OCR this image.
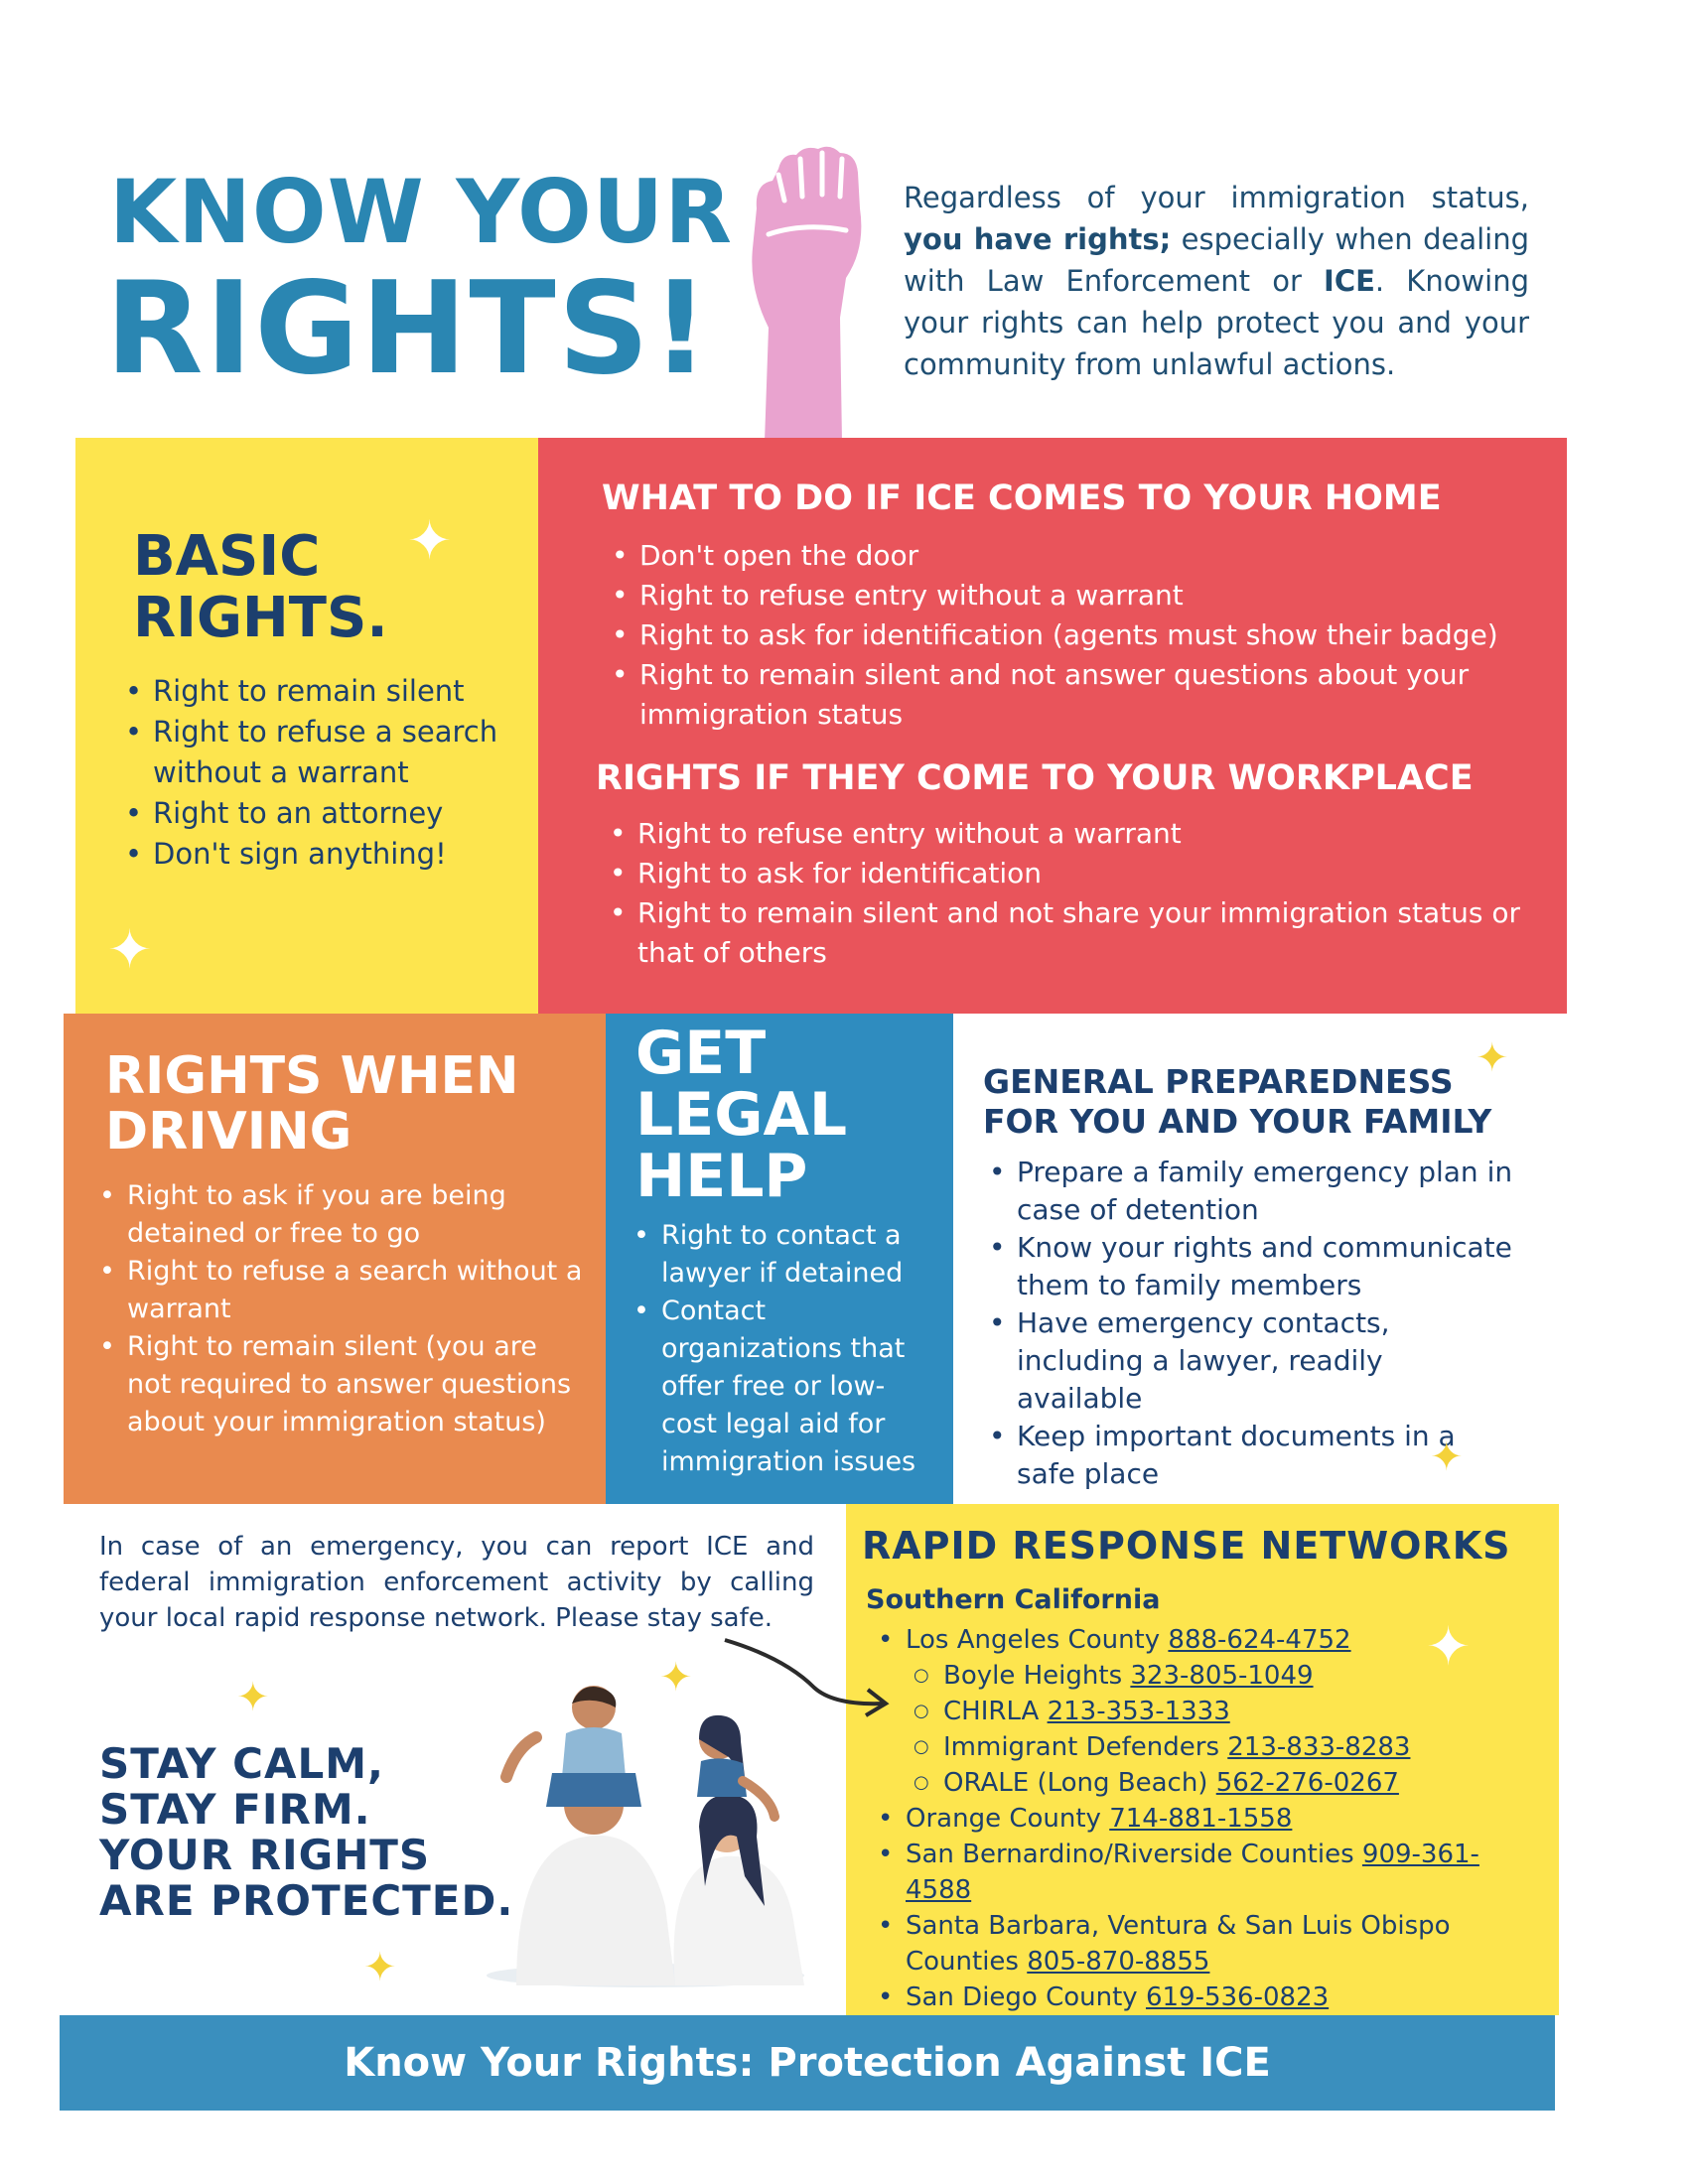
KNOW YOUR
RIGHTS!
Regardless of your immigration status, you have rights; especially when dealing with Law Enforcement or ICE. Knowing your rights can help protect you and your community from unlawful actions.
BASIC
RIGHTS.
• Right to remain silent
• Right to refuse a search without a warrant
• Right to an attorney
• Don't sign anything!
✦
✦
WHAT TO DO IF ICE COMES TO YOUR HOME
• Don't open the door
• Right to refuse entry without a warrant
• Right to ask for identification (agents must show their badge)
• Right to remain silent and not answer questions about your immigration status
RIGHTS IF THEY COME TO YOUR WORKPLACE
• Right to refuse entry without a warrant
• Right to ask for identification
• Right to remain silent and not share your immigration status or that of others
RIGHTS WHEN
DRIVING
• Right to ask if you are being detained or free to go
• Right to refuse a search without a warrant
• Right to remain silent (you are not required to answer questions about your immigration status)
GET
LEGAL
HELP
• Right to contact a lawyer if detained
• Contact organizations that offer free or low-cost legal aid for immigration issues
GENERAL PREPAREDNESS
FOR YOU AND YOUR FAMILY
• Prepare a family emergency plan in case of detention
• Know your rights and communicate them to family members
• Have emergency contacts, including a lawyer, readily available
• Keep important documents in a safe place
✦
✦
In case of an emergency, you can report ICE and federal immigration enforcement activity by calling your local rapid response network. Please stay safe.
STAY CALM,
STAY FIRM.
YOUR RIGHTS
ARE PROTECTED.
✦	✦
✦
RAPID RESPONSE NETWORKS
Southern California
• Los Angeles County 888-624-4752
○ Boyle Heights 323-805-1049
○ CHIRLA 213-353-1333
○ Immigrant Defenders 213-833-8283
○ ORALE (Long Beach) 562-276-0267
• Orange County 714-881-1558
• San Bernardino/Riverside Counties 909-361-4588
• Santa Barbara, Ventura & San Luis Obispo Counties 805-870-8855
• San Diego County 619-536-0823
✦
Know Your Rights: Protection Against ICE
